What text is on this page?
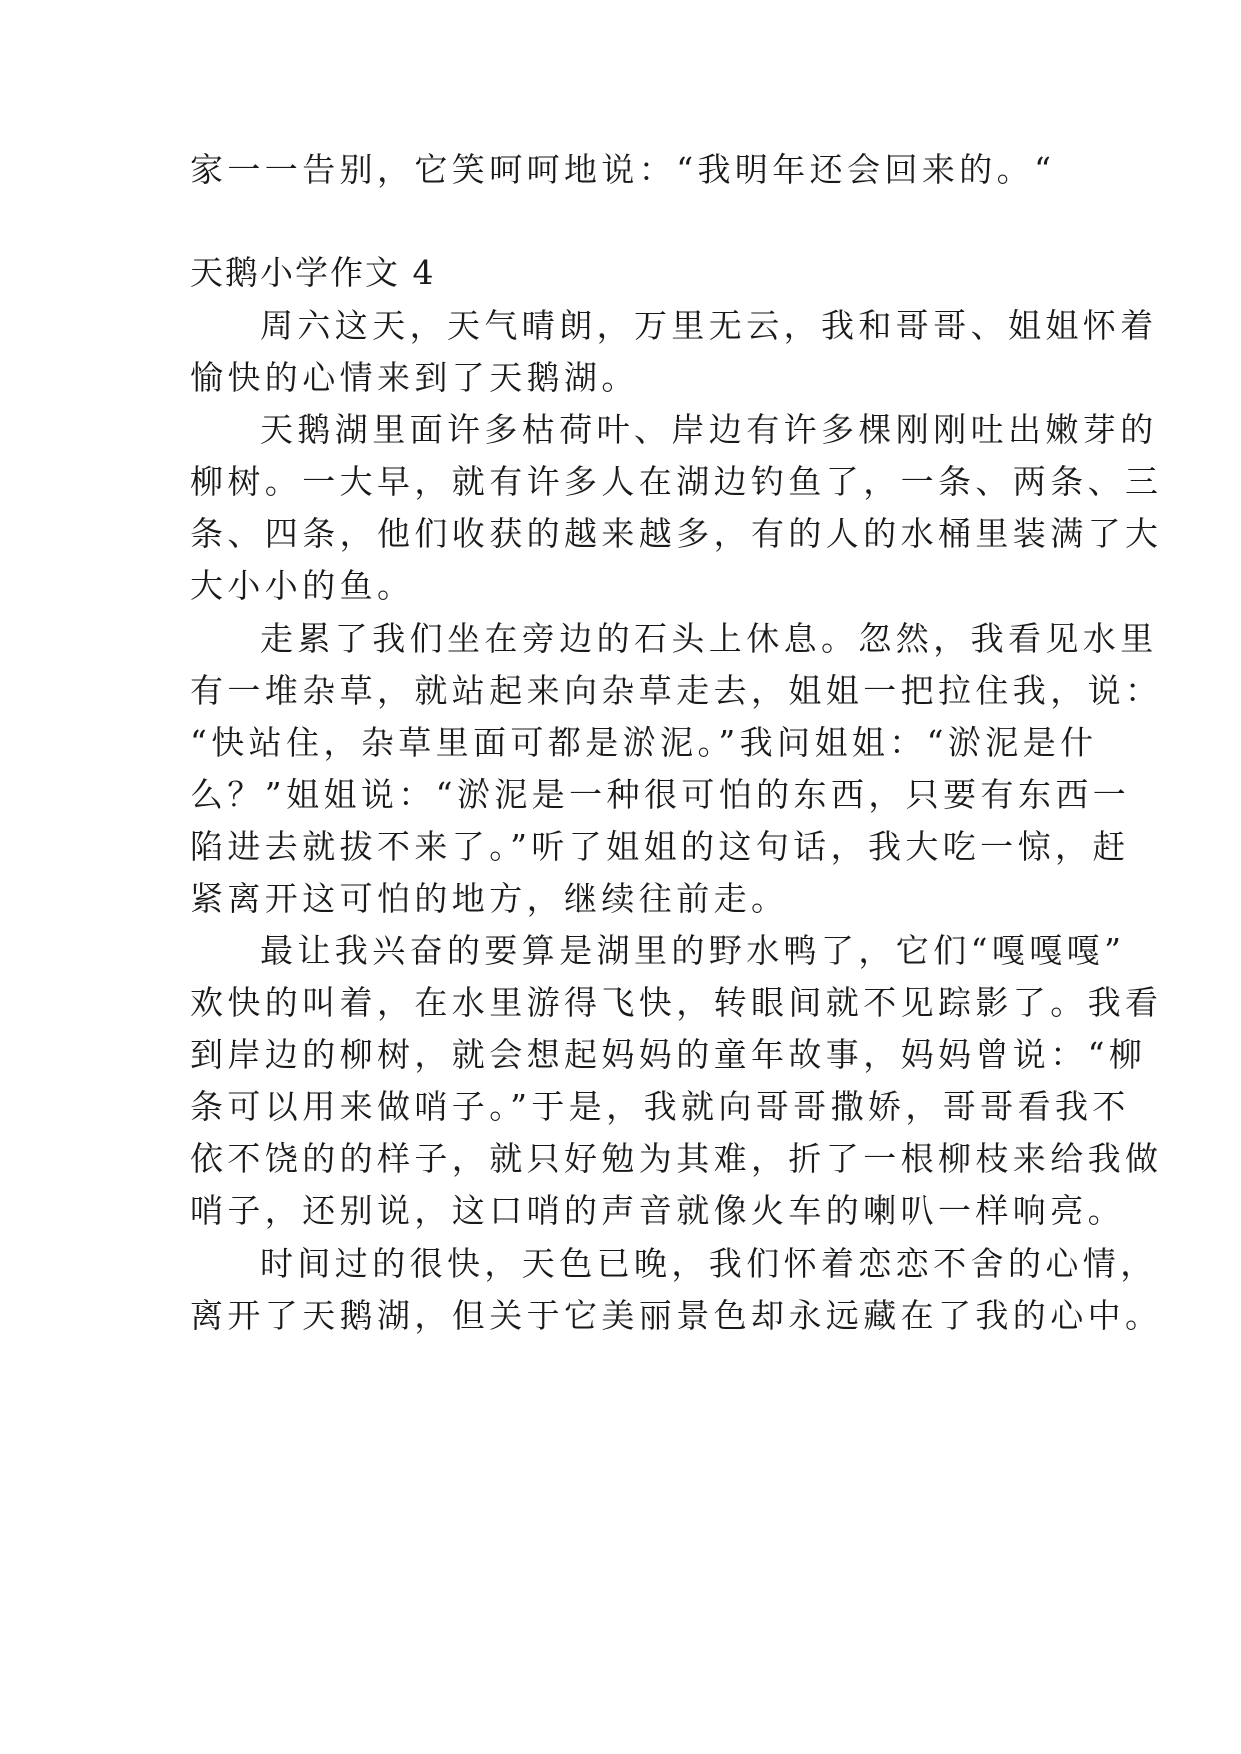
家一一告别，它笑呵呵地说：“我明年还会回来的。“
天鹅小学作文 4
周六这天，天气晴朗，万里无云，我和哥哥、姐姐怀着
愉快的心情来到了天鹅湖。
天鹅湖里面许多枯荷叶、岸边有许多棵刚刚吐出嫩芽的
柳树。一大早，就有许多人在湖边钓鱼了，一条、两条、三
条、四条，他们收获的越来越多，有的人的水桶里装满了大
大小小的鱼。
走累了我们坐在旁边的石头上休息。忽然，我看见水里
有一堆杂草，就站起来向杂草走去，姐姐一把拉住我，说：
“快站住，杂草里面可都是淤泥。”我问姐姐：“淤泥是什
么？”姐姐说：“淤泥是一种很可怕的东西，只要有东西一
陷进去就拔不来了。”听了姐姐的这句话，我大吃一惊，赶
紧离开这可怕的地方，继续往前走。
最让我兴奋的要算是湖里的野水鸭了，它们“嘎嘎嘎”
欢快的叫着，在水里游得飞快，转眼间就不见踪影了。我看
到岸边的柳树，就会想起妈妈的童年故事，妈妈曾说：“柳
条可以用来做哨子。”于是，我就向哥哥撒娇，哥哥看我不
依不饶的的样子，就只好勉为其难，折了一根柳枝来给我做
哨子，还别说，这口哨的声音就像火车的喇叭一样响亮。
时间过的很快，天色已晚，我们怀着恋恋不舍的心情，
离开了天鹅湖，但关于它美丽景色却永远藏在了我的心中。
